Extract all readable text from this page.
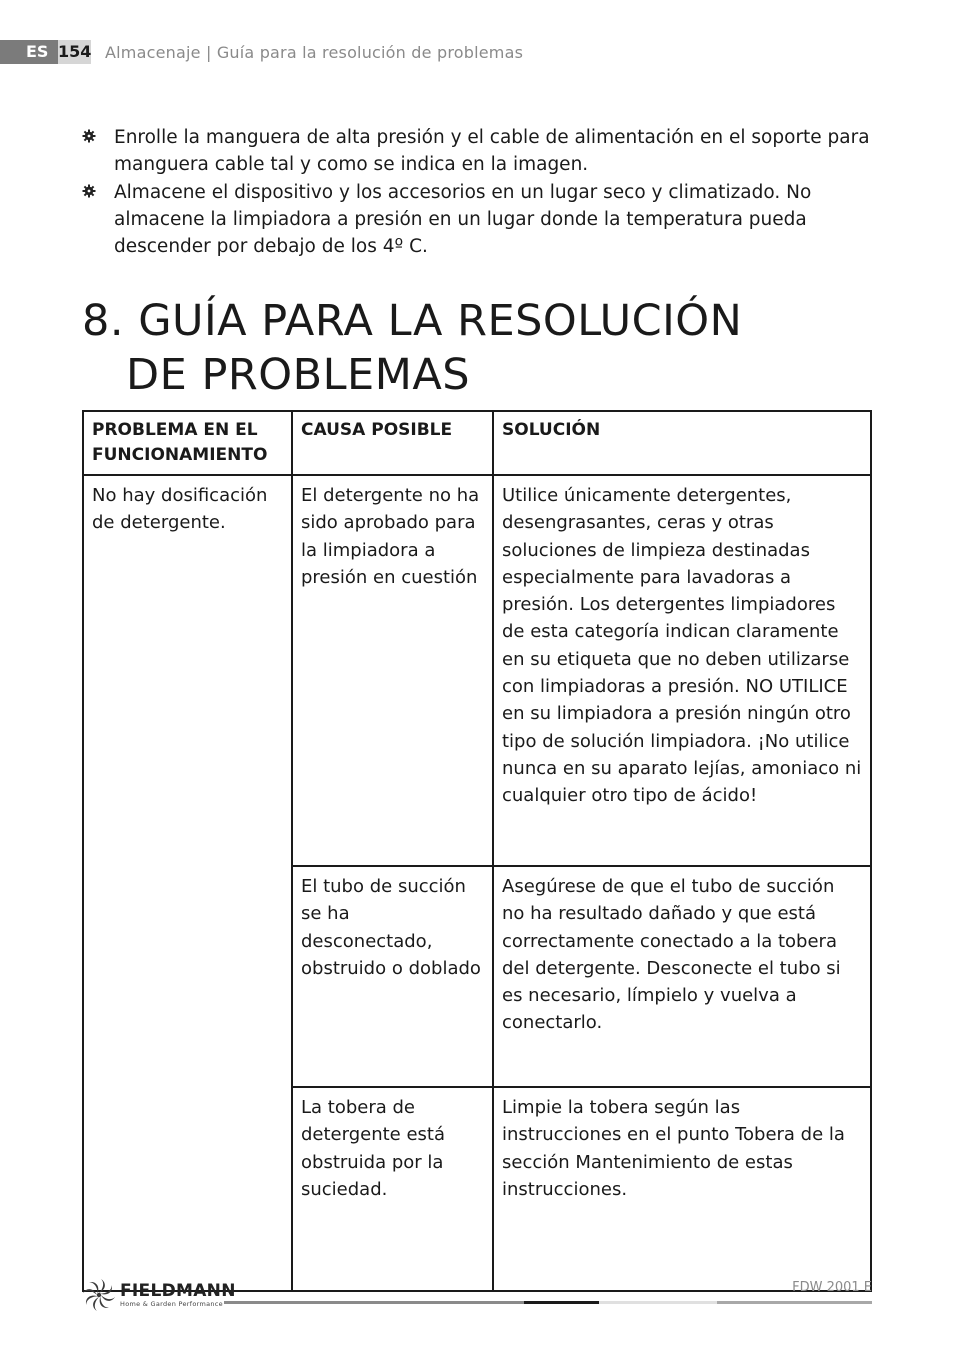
ES 154 Almacenaje | Guía para la resolución de problemas
Enrolle la manguera de alta presión y el cable de alimentación en el soporte para manguera cable tal y como se indica en la imagen.
Almacene el dispositivo y los accesorios en un lugar seco y climatizado. No almacene la limpiadora a presión en un lugar donde la temperatura pueda descender por debajo de los 4º C.
8. GUÍA PARA LA RESOLUCIÓN
DE PROBLEMAS
PROBLEMA EN EL FUNCIONAMIENTO	CAUSA POSIBLE	SOLUCIÓN
No hay dosificación de detergente.	El detergente no ha sido aprobado para la limpiadora a presión en cuestión	Utilice únicamente detergentes, desengrasantes, ceras y otras soluciones de limpieza destinadas especialmente para lavadoras a presión. Los detergentes limpiadores de esta categoría indican claramente en su etiqueta que no deben utilizarse con limpiadoras a presión. NO UTILICE en su limpiadora a presión ningún otro tipo de solución limpiadora. ¡No utilice nunca en su aparato lejías, amoniaco ni cualquier otro tipo de ácido!
	El tubo de succión se ha desconectado, obstruido o doblado	Asegúrese de que el tubo de succión no ha resultado dañado y que está correctamente conectado a la tobera del detergente. Desconecte el tubo si es necesario, límpielo y vuelva a conectarlo.
	La tobera de detergente está obstruida por la suciedad.	Limpie la tobera según las instrucciones en el punto Tobera de la sección Mantenimiento de estas instrucciones.
FIELDMANN
Home & Garden Performance
FDW 2001 E
